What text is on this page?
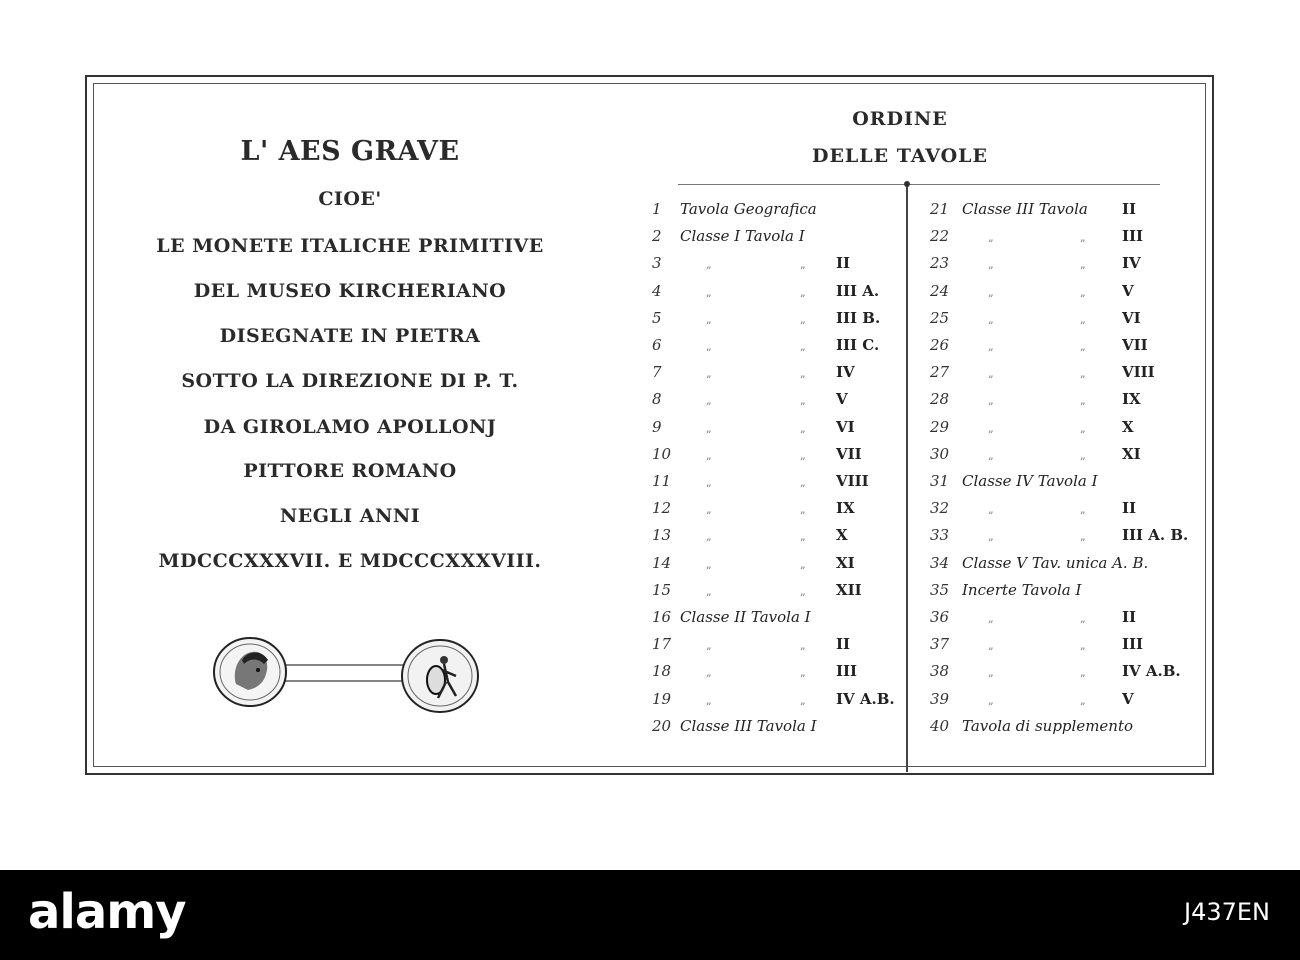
L' AES GRAVE
CIOE'
LE MONETE ITALICHE PRIMITIVE
DEL MUSEO KIRCHERIANO
DISEGNATE IN PIETRA
SOTTO LA DIREZIONE DI P. T.
DA GIROLAMO APOLLONJ
PITTORE ROMANO
NEGLI ANNI
MDCCCXXXVII. E MDCCCXXXVIII.
ORDINE
DELLE TAVOLE
1 Tavola Geografica
2 Classe I Tavola I
3	„	„ II
4	„	„ III A.
5	„	„ III B.
6	„	„ III C.
7	„	„ IV
8	„	„ V
9	„	„ VI
10	„	„ VII
11	„	„ VIII
12	„	„ IX
13	„	„ X
14	„	„ XI
15	„	„ XII
16 Classe II Tavola I
17	„	„ II
18	„	„ III
19	„	„ IV A.B.
20 Classe III Tavola I
21 Classe III Tavola II
22	„	„ III
23	„	„ IV
24	„	„ V
25	„	„ VI
26	„	„ VII
27	„	„ VIII
28	„	„ IX
29	„	„ X
30	„	„ XI
31 Classe IV Tavola I
32	„	„ II
33	„	„ III A. B.
34 Classe V Tav. unica A. B.
35 Incerte Tavola I
36	„	„ II
37	„	„ III
38	„	„ IV A.B.
39	„	„ V
40 Tavola di supplemento
alamy	J437EN
